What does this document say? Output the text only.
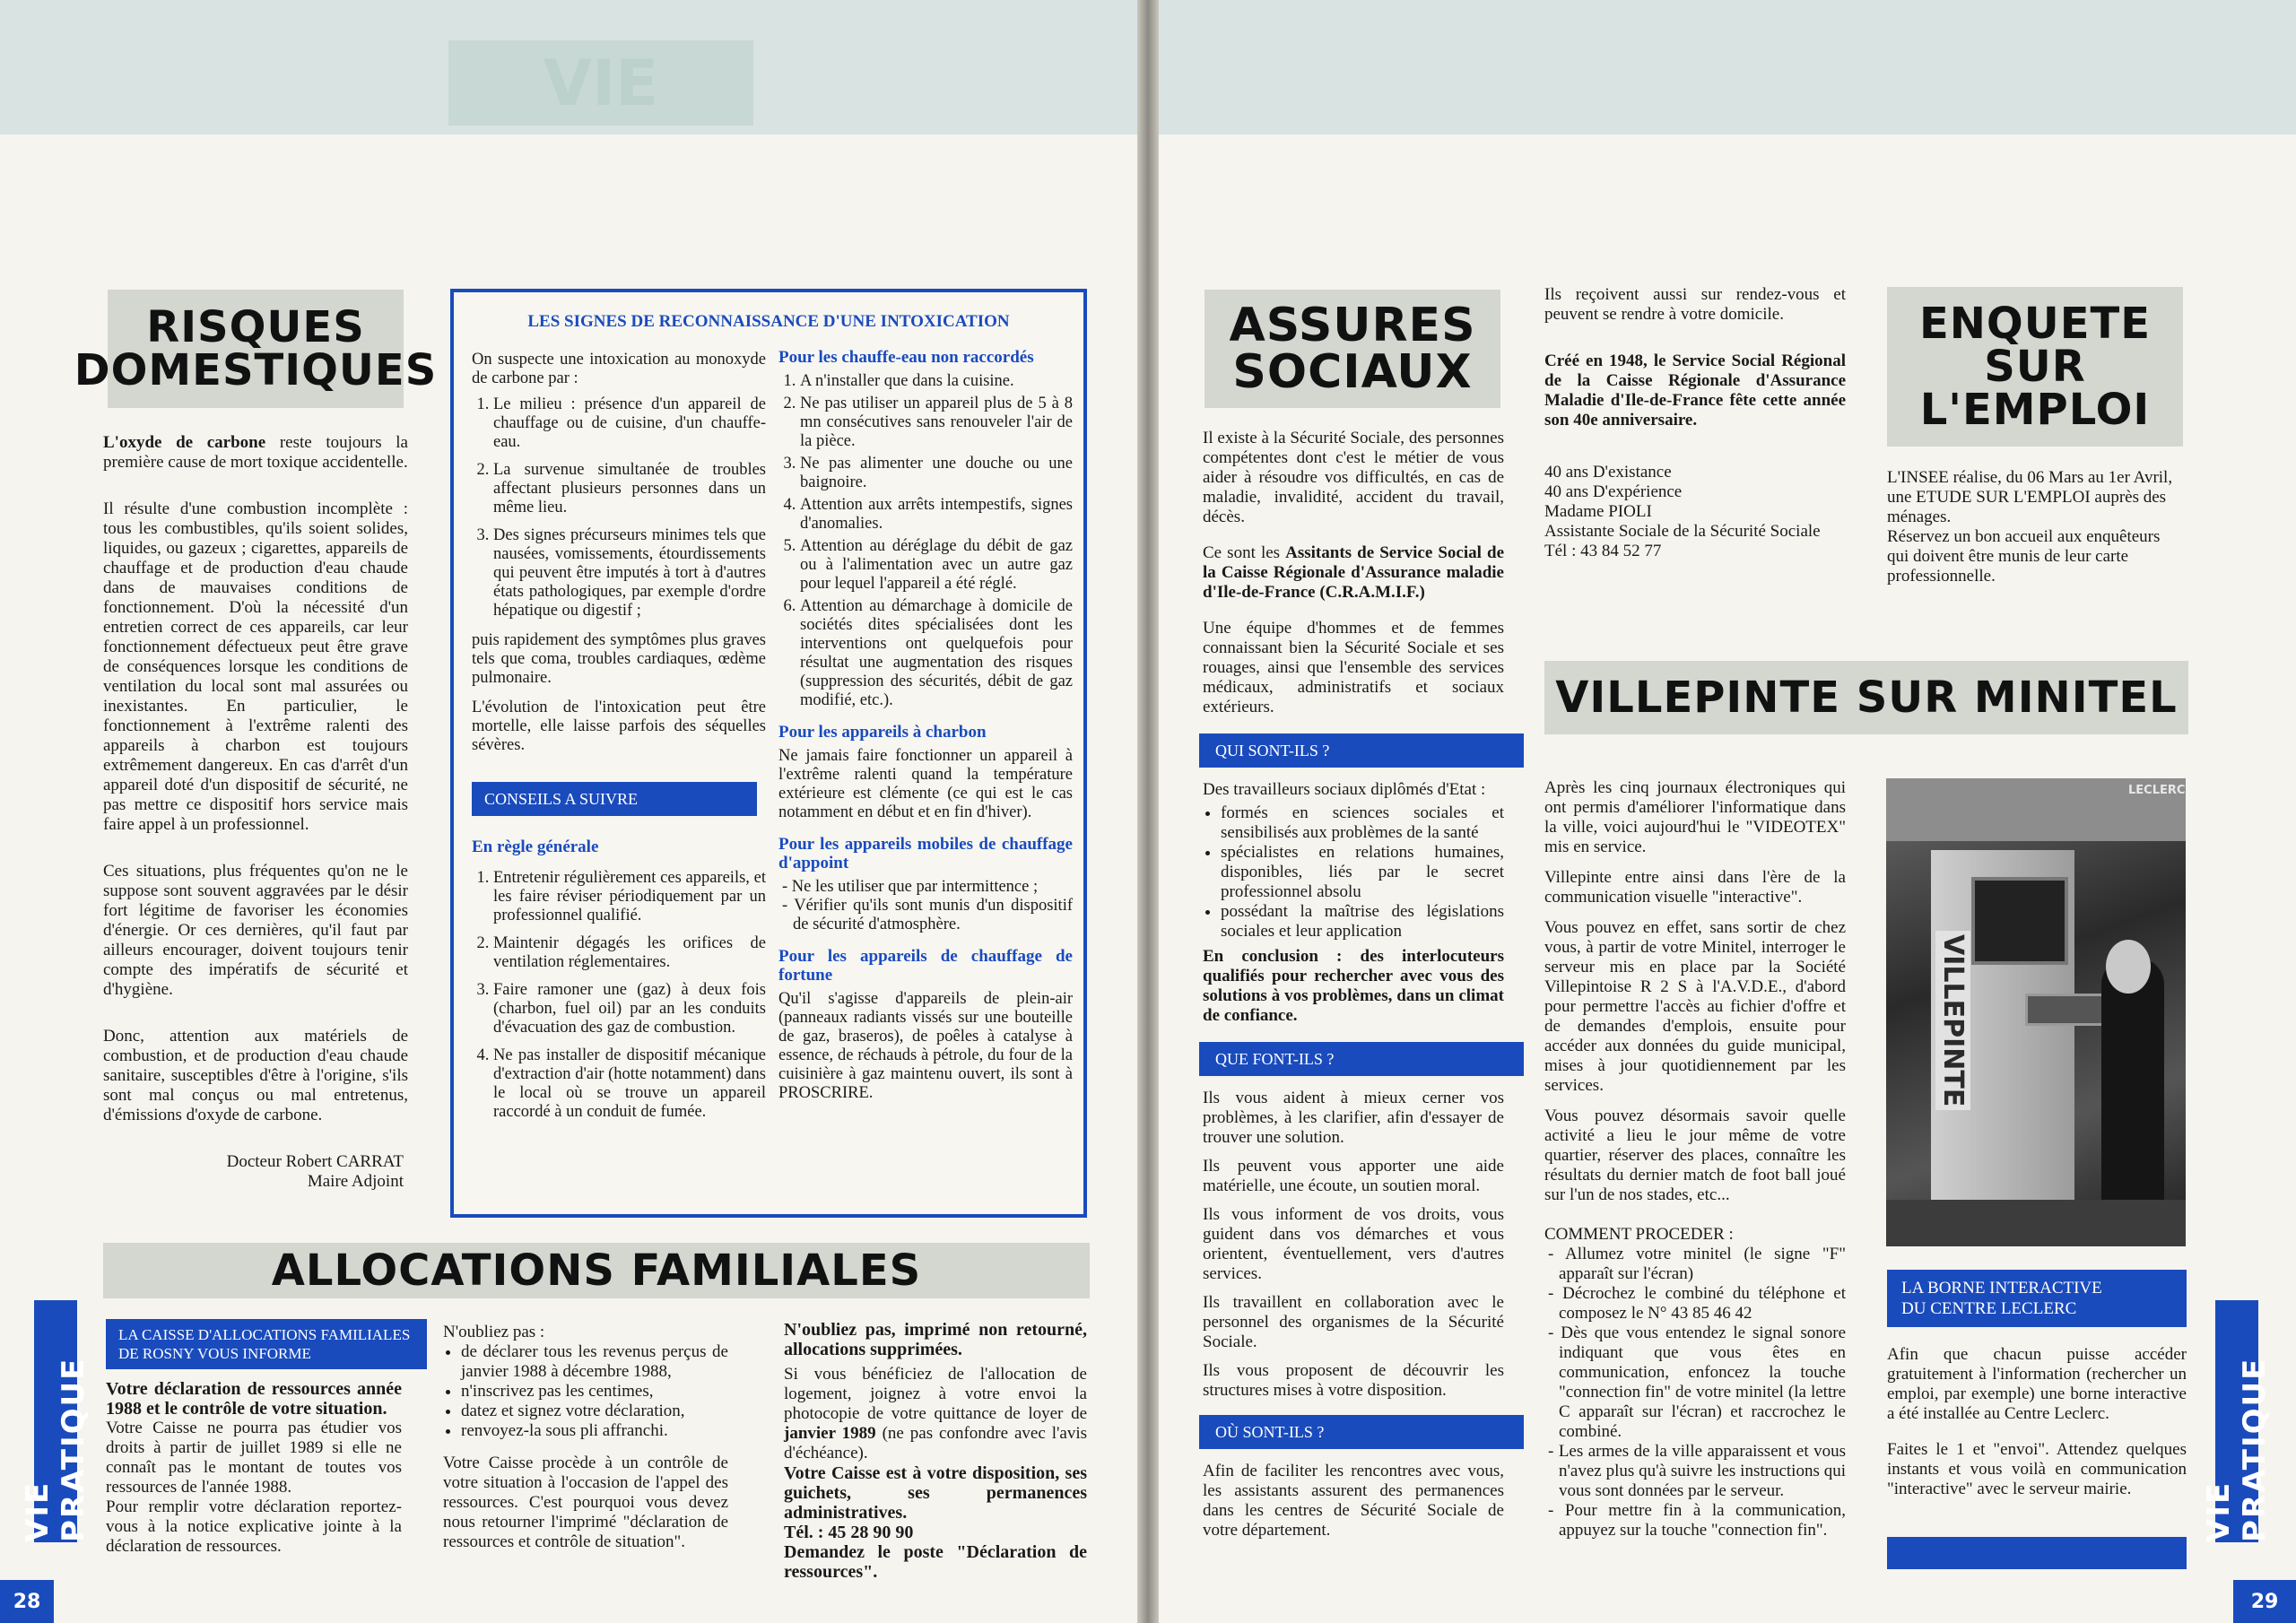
VIE
RISQUES
DOMESTIQUES

L'oxyde de carbone reste toujours la première cause de mort toxique accidentelle.

Il résulte d'une combustion incomplète : tous les combustibles, qu'ils soient solides, liquides, ou gazeux ; cigarettes, appareils de chauffage et de production d'eau chaude dans de mauvaises conditions de fonctionnement. D'où la nécessité d'un entretien correct de ces appareils, car leur fonctionnement défectueux peut être grave de conséquences lorsque les conditions de ventilation du local sont mal assurées ou inexistantes. En particulier, le fonctionnement à l'extrême ralenti des appareils à charbon est toujours extrêmement dangereux. En cas d'arrêt d'un appareil doté d'un dispositif de sécurité, ne pas mettre ce dispositif hors service mais faire appel à un professionnel.

Ces situations, plus fréquentes qu'on ne le suppose sont souvent aggravées par le désir fort légitime de favoriser les économies d'énergie. Or ces dernières, qu'il faut par ailleurs encourager, doivent toujours tenir compte des impératifs de sécurité et d'hygiène.

Donc, attention aux matériels de combustion, et de production d'eau chaude sanitaire, susceptibles d'être à l'origine, s'ils sont mal conçus ou mal entretenus, d'émissions d'oxyde de carbone.

Docteur Robert CARRAT
Maire Adjoint
LES SIGNES DE RECONNAISSANCE D'UNE INTOXICATION

On suspecte une intoxication au monoxyde de carbone par :

1. Le milieu : présence d'un appareil de chauffage ou de cuisine, d'un chauffe-eau.
2. La survenue simultanée de troubles affectant plusieurs personnes dans un même lieu.
3. Des signes précurseurs minimes tels que nausées, vomissements, étourdissements qui peuvent être imputés à tort à d'autres états pathologiques, par exemple d'ordre hépatique ou digestif ;

puis rapidement des symptômes plus graves tels que coma, troubles cardiaques, œdème pulmonaire.

L'évolution de l'intoxication peut être mortelle, elle laisse parfois des séquelles sévères.

CONSEILS A SUIVRE
En règle générale
1. Entretenir régulièrement ces appareils, et les faire réviser périodiquement par un professionnel qualifié.
2. Maintenir dégagés les orifices de ventilation réglementaires.
3. Faire ramoner une (gaz) à deux fois (charbon, fuel oil) par an les conduits d'évacuation des gaz de combustion.
4. Ne pas installer de dispositif mécanique d'extraction d'air (hotte notamment) dans le local où se trouve un appareil raccordé à un conduit de fumée.
Pour les chauffe-eau non raccordés
1. A n'installer que dans la cuisine.
2. Ne pas utiliser un appareil plus de 5 à 8 mn consécutives sans renouveler l'air de la pièce.
3. Ne pas alimenter une douche ou une baignoire.
4. Attention aux arrêts intempestifs, signes d'anomalies.
5. Attention au déréglage du débit de gaz ou à l'alimentation avec un autre gaz pour lequel l'appareil a été réglé.
6. Attention au démarchage à domicile de sociétés dites spécialisées dont les interventions ont quelquefois pour résultat une augmentation des risques (suppression des sécurités, débit de gaz modifié, etc.).
Pour les appareils à charbon

Ne jamais faire fonctionner un appareil à l'extrême ralenti quand la température extérieure est clémente (ce qui est le cas notamment en début et en fin d'hiver).

Pour les appareils mobiles de chauffage d'appoint
- Ne les utiliser que par intermittence ;
- Vérifier qu'ils sont munis d'un dispositif de sécurité d'atmosphère.
Pour les appareils de chauffage de fortune

Qu'il s'agisse d'appareils de plein-air (panneaux radiants vissés sur une bouteille de gaz, braseros), de poêles à catalyse à essence, de réchauds à pétrole, du four de la cuisinière à gaz maintenu ouvert, ils sont à PROSCRIRE.

ALLOCATIONS FAMILIALES
LA CAISSE D'ALLOCATIONS FAMILIALES
DE ROSNY VOUS INFORME
Votre déclaration de ressources année 1988 et le contrôle de votre situation.
Votre Caisse ne pourra pas étudier vos droits à partir de juillet 1989 si elle ne connaît pas le montant de toutes vos ressources de l'année 1988.
Pour remplir votre déclaration reportez-vous à la notice explicative jointe à la déclaration de ressources.
N'oubliez pas :
• de déclarer tous les revenus perçus de janvier 1988 à décembre 1988,
• n'inscrivez pas les centimes,
• datez et signez votre déclaration,
• renvoyez-la sous pli affranchi.
Votre Caisse procède à un contrôle de votre situation à l'occasion de l'appel des ressources. C'est pourquoi vous devez nous retourner l'imprimé "déclaration de ressources et contrôle de situation".
N'oubliez pas, imprimé non retourné, allocations supprimées.
Si vous bénéficiez de l'allocation de logement, joignez à votre envoi la photocopie de votre quittance de loyer de janvier 1989 (ne pas confondre avec l'avis d'échéance).
Votre Caisse est à votre disposition, ses guichets, ses permanences administratives.
Tél. : 45 28 90 90
Demandez le poste "Déclaration de ressources".
VIE PRATIQUE
28
ASSURES
SOCIAUX

Il existe à la Sécurité Sociale, des personnes compétentes dont c'est le métier de vous aider à résoudre vos difficultés, en cas de maladie, invalidité, accident du travail, décès.

Ce sont les Assitants de Service Social de la Caisse Régionale d'Assurance maladie d'Ile-de-France (C.R.A.M.I.F.)

Une équipe d'hommes et de femmes connaissant bien la Sécurité Sociale et ses rouages, ainsi que l'ensemble des services médicaux, administratifs et sociaux extérieurs.

QUI SONT-ILS ?

Des travailleurs sociaux diplômés d'Etat :

• formés en sciences sociales et sensibilisés aux problèmes de la santé
• spécialistes en relations humaines, disponibles, liés par le secret professionnel absolu
• possédant la maîtrise des législations sociales et leur application

En conclusion : des interlocuteurs qualifiés pour rechercher avec vous des solutions à vos problèmes, dans un climat de confiance.

QUE FONT-ILS ?

Ils vous aident à mieux cerner vos problèmes, à les clarifier, afin d'essayer de trouver une solution.

Ils peuvent vous apporter une aide matérielle, une écoute, un soutien moral.

Ils vous informent de vos droits, vous guident dans vos démarches et vous orientent, éventuellement, vers d'autres services.

Ils travaillent en collaboration avec le personnel des organismes de la Sécurité Sociale.

Ils vous proposent de découvrir les structures mises à votre disposition.

OÙ SONT-ILS ?

Afin de faciliter les rencontres avec vous, les assistants assurent des permanences dans les centres de Sécurité Sociale de votre département.

Ils reçoivent aussi sur rendez-vous et peuvent se rendre à votre domicile.

Créé en 1948, le Service Social Régional de la Caisse Régionale d'Assurance Maladie d'Ile-de-France fête cette année son 40e anniversaire.

40 ans D'existance
40 ans D'expérience
Madame PIOLI
Assistante Sociale de la Sécurité Sociale
Tél : 43 84 52 77
ENQUETE
SUR
L'EMPLOI
L'INSEE réalise, du 06 Mars au 1er Avril, une ETUDE SUR L'EMPLOI auprès des ménages.
Réservez un bon accueil aux enquêteurs qui doivent être munis de leur carte professionnelle.
VILLEPINTE SUR MINITEL

Après les cinq journaux électroniques qui ont permis d'améliorer l'informatique dans la ville, voici aujourd'hui le "VIDEOTEX" mis en service.

Villepinte entre ainsi dans l'ère de la communication visuelle "interactive".

Vous pouvez en effet, sans sortir de chez vous, à partir de votre Minitel, interroger le serveur mis en place par la Société Villepintoise R 2 S à l'A.V.D.E., d'abord pour permettre l'accès au fichier d'offre et de demandes d'emplois, ensuite pour accéder aux données du guide municipal, mises à jour quotidiennement par les services.

Vous pouvez désormais savoir quelle activité a lieu le jour même de votre quartier, réserver des places, connaître les résultats du dernier match de foot ball joué sur l'un de nos stades, etc...

COMMENT PROCEDER :
- Allumez votre minitel (le signe "F" apparaît sur l'écran)
- Décrochez le combiné du téléphone et composez le N° 43 85 46 42
- Dès que vous entendez le signal sonore indiquant que vous êtes en communication, enfoncez la touche "connection fin" de votre minitel (la lettre C apparaît sur l'écran) et raccrochez le combiné.
- Les armes de la ville apparaissent et vous n'avez plus qu'à suivre les instructions qui vous sont données par le serveur.
- Pour mettre fin à la communication, appuyez sur la touche "connection fin".
LECLERC
VILLEPINTE
LA BORNE INTERACTIVE
DU CENTRE LECLERC

Afin que chacun puisse accéder gratuitement à l'information (rechercher un emploi, par exemple) une borne interactive a été installée au Centre Leclerc.

Faites le 1 et "envoi". Attendez quelques instants et vous voilà en communication "interactive" avec le serveur mairie.	VIE PRATIQUE
29
